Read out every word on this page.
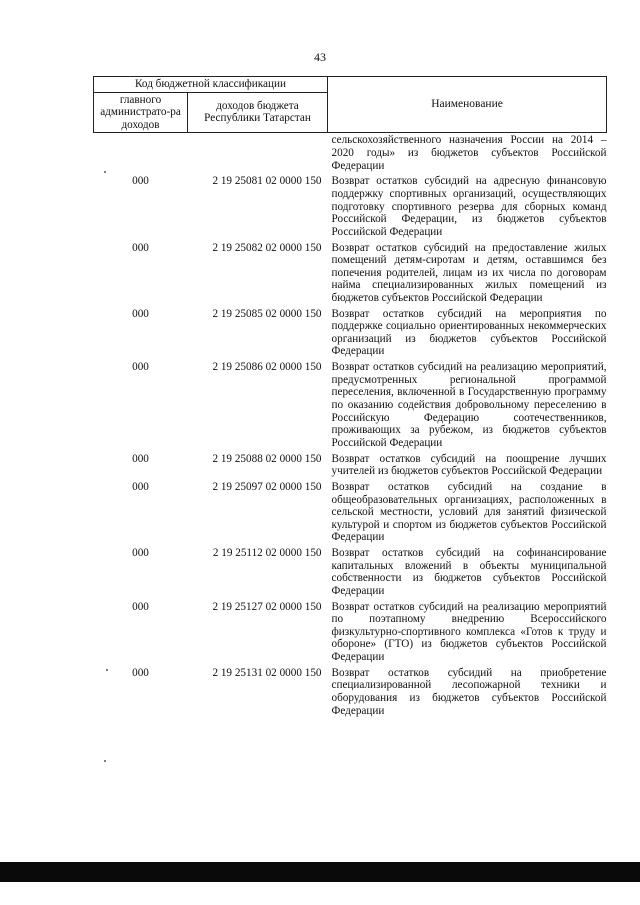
43
Код бюджетной классификации		Наименование
главного администрато-ра доходов	доходов бюджета Республики Татарстан	
		сельскохозяйственного назначения России на 2014 – 2020 годы» из бюджетов субъектов Российской Федерации
000	2 19 25081 02 0000 150	Возврат остатков субсидий на адресную финансовую поддержку спортивных организаций, осуществляющих подготовку спортивного резерва для сборных команд Российской Федерации, из бюджетов субъектов Российской Федерации
000	2 19 25082 02 0000 150	Возврат остатков субсидий на предоставление жилых помещений детям-сиротам и детям, оставшимся без попечения родителей, лицам из их числа по договорам найма специализированных жилых помещений из бюджетов субъектов Российской Федерации
000	2 19 25085 02 0000 150	Возврат остатков субсидий на мероприятия по поддержке социально ориентированных некоммерческих организаций из бюджетов субъектов Российской Федерации
000	2 19 25086 02 0000 150	Возврат остатков субсидий на реализацию мероприятий, предусмотренных региональной программой переселения, включенной в Государственную программу по оказанию содействия добровольному переселению в Российскую Федерацию соотечественников, проживающих за рубежом, из бюджетов субъектов Российской Федерации
000	2 19 25088 02 0000 150	Возврат остатков субсидий на поощрение лучших учителей из бюджетов субъектов Российской Федерации
000	2 19 25097 02 0000 150	Возврат остатков субсидий на создание в общеобразовательных организациях, расположенных в сельской местности, условий для занятий физической культурой и спортом из бюджетов субъектов Российской Федерации
000	2 19 25112 02 0000 150	Возврат остатков субсидий на софинансирование капитальных вложений в объекты муниципальной собственности из бюджетов субъектов Российской Федерации
000	2 19 25127 02 0000 150	Возврат остатков субсидий на реализацию мероприятий по поэтапному внедрению Всероссийского физкультурно-спортивного комплекса «Готов к труду и обороне» (ГТО) из бюджетов субъектов Российской Федерации
000	2 19 25131 02 0000 150	Возврат остатков субсидий на приобретение специализированной лесопожарной техники и оборудования из бюджетов субъектов Российской Федерации
